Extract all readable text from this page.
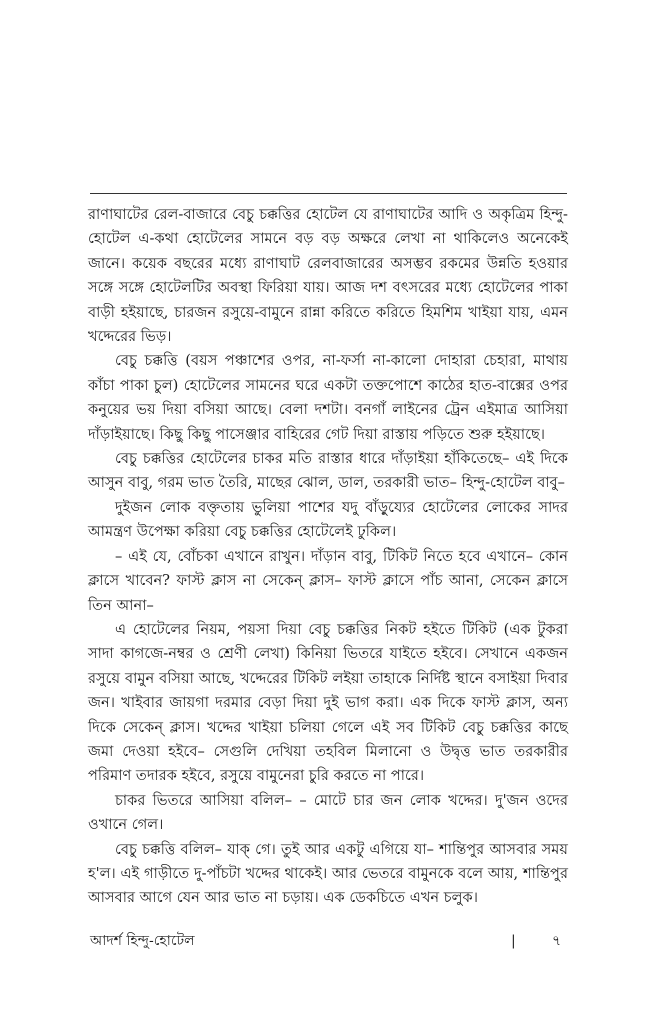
রাণাঘাটের রেল-বাজারে বেচু চক্কত্তির হোটেল যে রাণাঘাটের আদি ও অকৃত্রিম হিন্দু-হোটেল এ-কথা হোটেলের সামনে বড় বড় অক্ষরে লেখা না থাকিলেও অনেকেই জানে। কয়েক বছরের মধ্যে রাণাঘাট রেলবাজারের অসম্ভব রকমের উন্নতি হওয়ার সঙ্গে সঙ্গে হোটেলটির অবস্থা ফিরিয়া যায়। আজ দশ বৎসরের মধ্যে হোটেলের পাকা বাড়ী হইয়াছে, চারজন রসুয়ে-বামুনে রান্না করিতে করিতে হিমশিম খাইয়া যায়, এমন খদ্দেরের ভিড়।

বেচু চক্কত্তি (বয়স পঞ্চাশের ওপর, না-ফর্সা না-কালো দোহারা চেহারা, মাথায় কাঁচা পাকা চুল) হোটেলের সামনের ঘরে একটা তক্তপোশে কাঠের হাত-বাক্সের ওপর কনুয়ের ভয় দিয়া বসিয়া আছে। বেলা দশটা। বনগাঁ লাইনের ট্রেন এইমাত্র আসিয়া দাঁড়াইয়াছে। কিছু কিছু পাসেঞ্জার বাহিরের গেট দিয়া রাস্তায় পড়িতে শুরু হইয়াছে।

বেচু চক্কত্তির হোটেলের চাকর মতি রাস্তার ধারে দাঁড়াইয়া হাঁকিতেছে– এই দিকে আসুন বাবু, গরম ভাত তৈরি, মাছের ঝোল, ডাল, তরকারী ভাত– হিন্দু-হোটেল বাবু–

দুইজন লোক বক্তৃতায় ভুলিয়া পাশের যদু বাঁড়ুয্যের হোটেলের লোকের সাদর আমন্ত্রণ উপেক্ষা করিয়া বেচু চক্কত্তির হোটেলেই ঢুকিল।

– এই যে, বোঁচকা এখানে রাখুন। দাঁড়ান বাবু, টিকিট নিতে হবে এখানে– কোন ক্লাসে খাবেন? ফাস্ট ক্লাস না সেকেন্ ক্লাস– ফাস্ট ক্লাসে পাঁচ আনা, সেকেন ক্লাসে তিন আনা–

এ হোটেলের নিয়ম, পয়সা দিয়া বেচু চক্কত্তির নিকট হইতে টিকিট (এক টুকরা সাদা কাগজে-নম্বর ও শ্রেণী লেখা) কিনিয়া ভিতরে যাইতে হইবে। সেখানে একজন রসুয়ে বামুন বসিয়া আছে, খদ্দেরের টিকিট লইয়া তাহাকে নির্দিষ্ট স্থানে বসাইয়া দিবার জন। খাইবার জায়গা দরমার বেড়া দিয়া দুই ভাগ করা। এক দিকে ফাস্ট ক্লাস, অন্য দিকে সেকেন্ ক্লাস। খদ্দের খাইয়া চলিয়া গেলে এই সব টিকিট বেচু চক্কত্তির কাছে জমা দেওয়া হইবে– সেগুলি দেখিয়া তহবিল মিলানো ও উদ্বৃত্ত ভাত তরকারীর পরিমাণ তদারক হইবে, রসুয়ে বামুনেরা চুরি করতে না পারে।

চাকর ভিতরে আসিয়া বলিল– – মোটে চার জন লোক খদ্দের। দু'জন ওদের ওখানে গেল।

বেচু চক্কত্তি বলিল– যাক্ গে। তুই আর একটু এগিয়ে যা– শান্তিপুর আসবার সময় হ'ল। এই গাড়ীতে দু-পাঁচটা খদ্দের থাকেই। আর ভেতরে বামুনকে বলে আয়, শান্তিপুর আসবার আগে যেন আর ভাত না চড়ায়। এক ডেকচিতে এখন চলুক।

আদর্শ হিন্দু-হোটেল	|	৭
